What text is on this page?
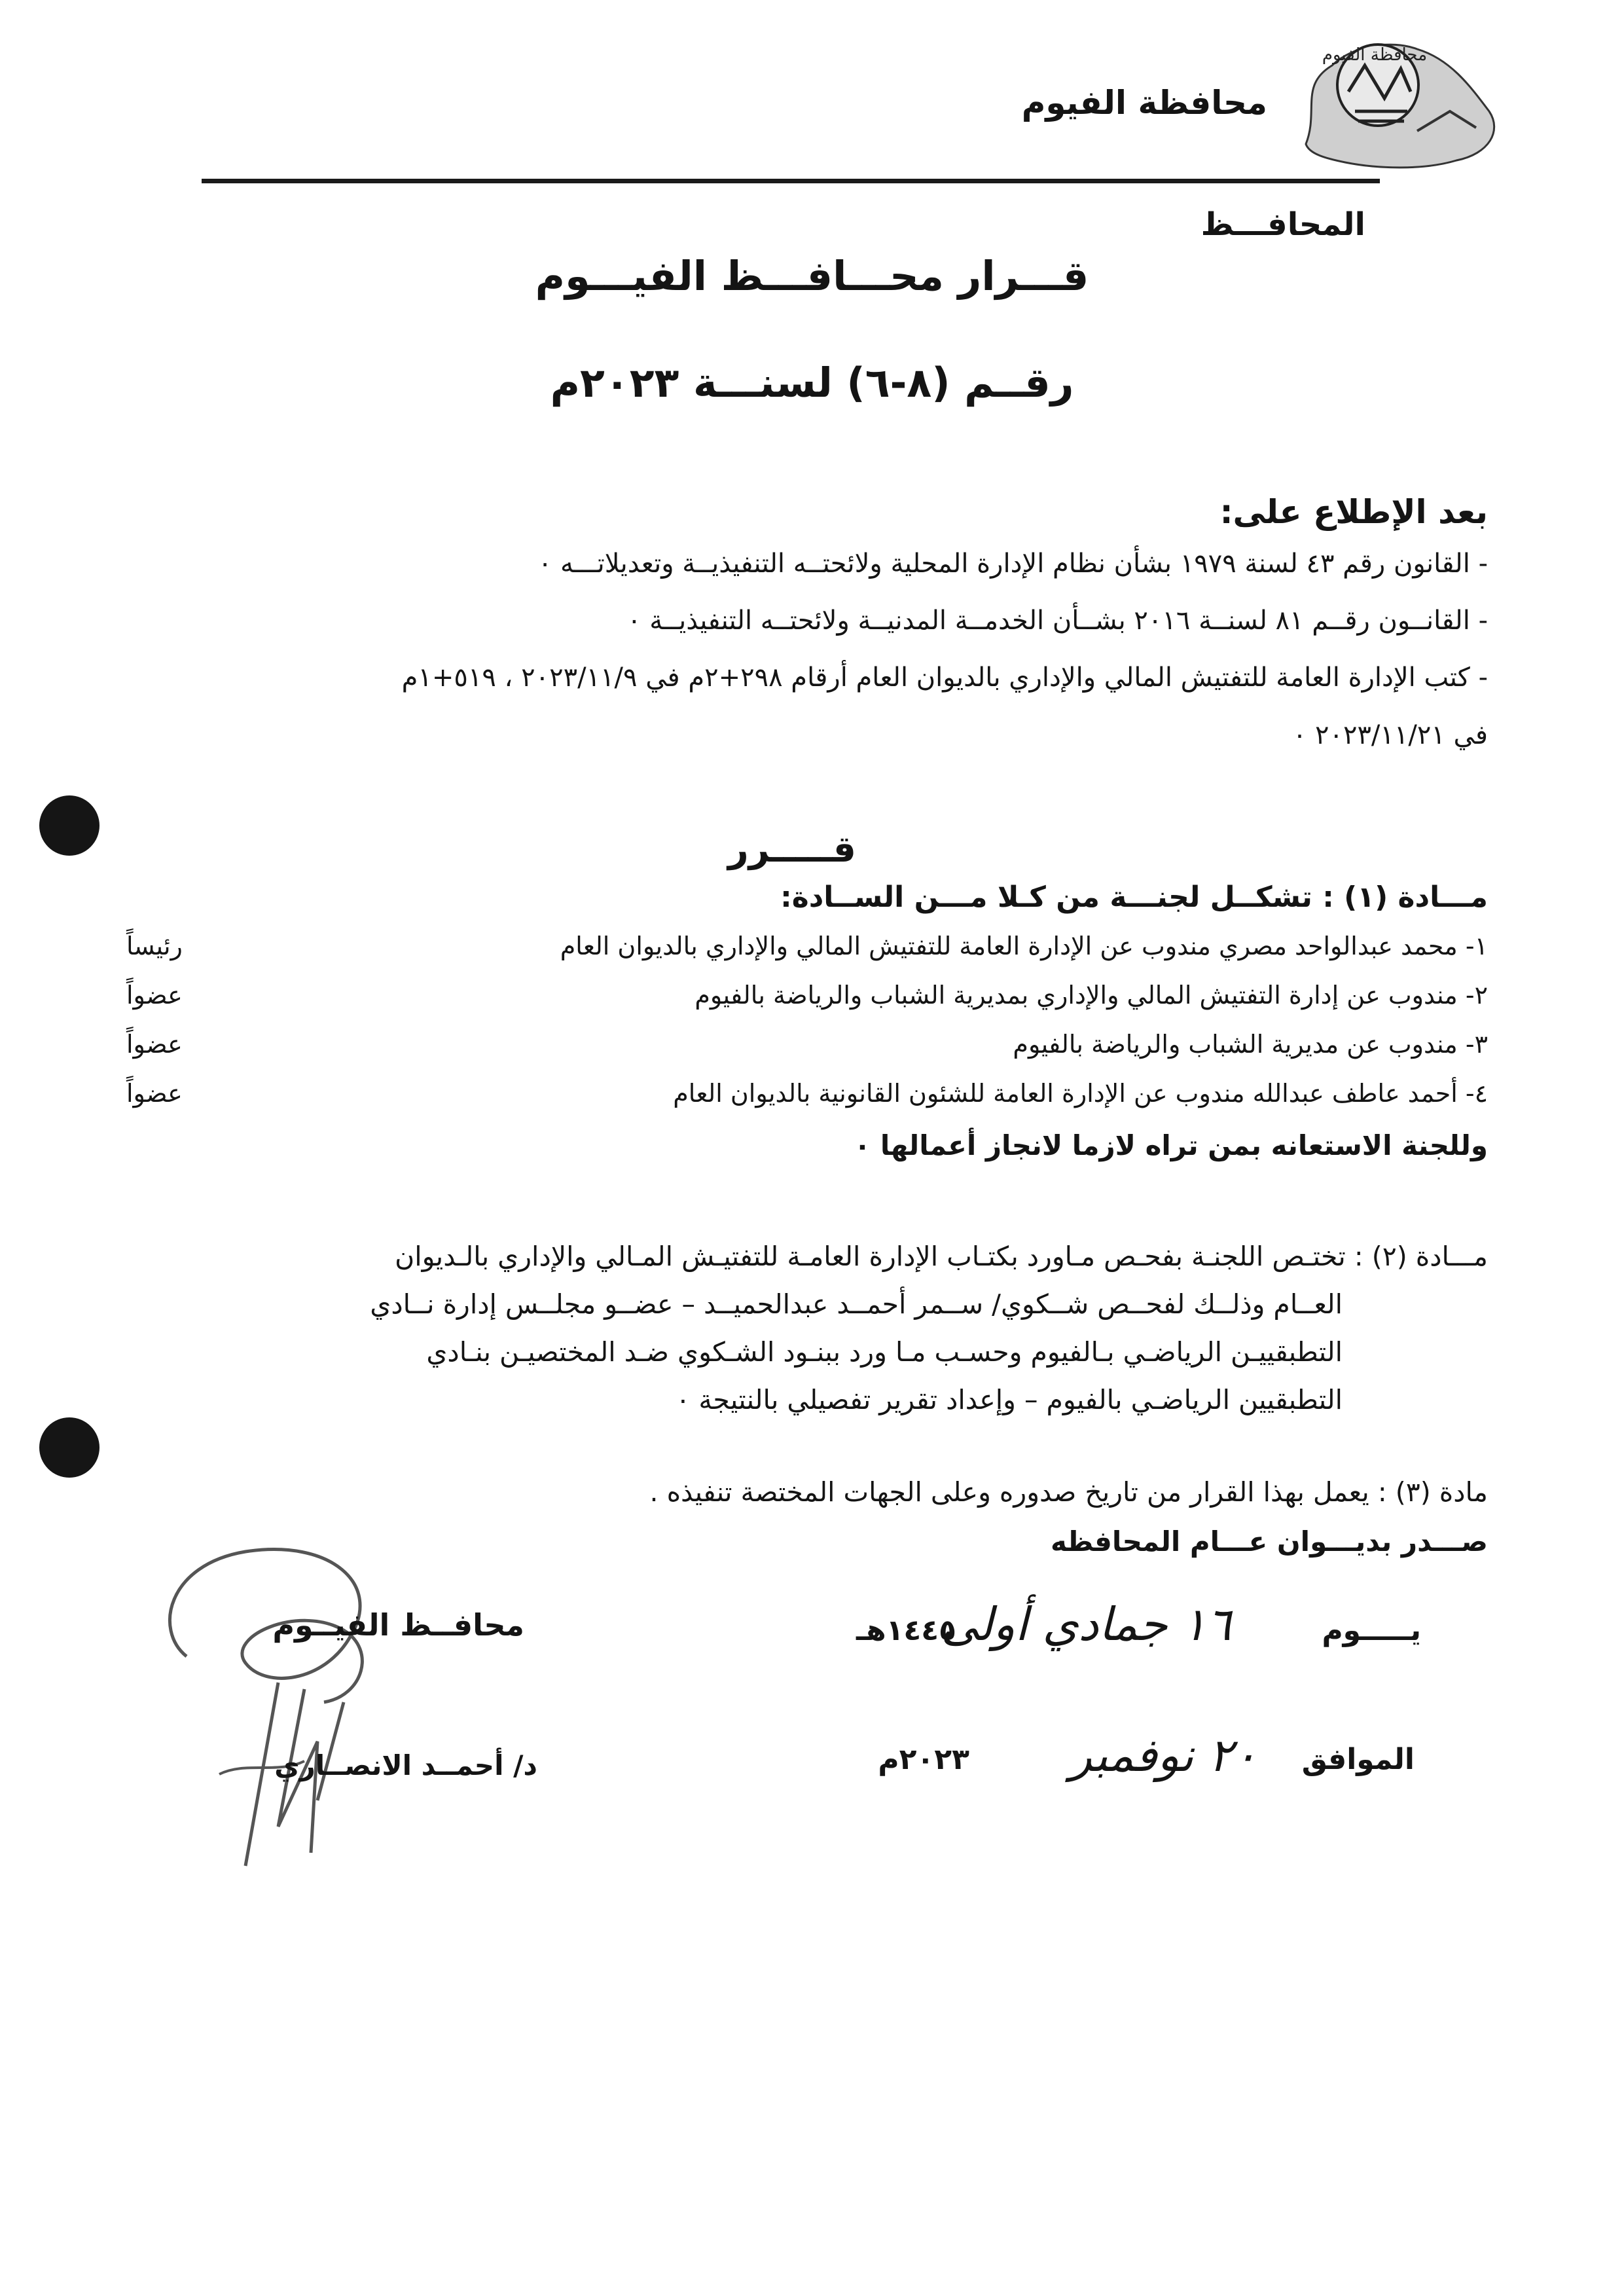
محافظة الفيوم
محافظة الفيوم
المحافـــظ
قـــرار محـــافـــظ الفيـــوم
رقــم (٨-٦) لسنـــة ٢٠٢٣م
بعد الإطلاع على:
- القانون رقم ٤٣ لسنة ١٩٧٩ بشأن نظام الإدارة المحلية ولائحتــه التنفيذيــة وتعديلاتـــه ٠
- القانــون رقــم ٨١ لسنــة ٢٠١٦ بشــأن الخدمــة المدنيــة ولائحتــه التنفيذيــة ٠
- كتب الإدارة العامة للتفتيش المالي والإداري بالديوان العام أرقام ٢٩٨+٢م في ٢٠٢٣/١١/٩ ، ٥١٩+١م
في ٢٠٢٣/١١/٢١ ٠
قـــــرر
مـــادة (١) : تشكــل لجنـــة من كـلا مـــن الســادة:
١- محمد عبدالواحد مصري مندوب عن الإدارة العامة للتفتيش المالي والإداري بالديوان العام
رئيساً
٢- مندوب عن إدارة التفتيش المالي والإداري بمديرية الشباب والرياضة بالفيوم
عضواً
٣- مندوب عن مديرية الشباب والرياضة بالفيوم
عضواً
٤- أحمد عاطف عبدالله مندوب عن الإدارة العامة للشئون القانونية بالديوان العام
عضواً
وللجنة الاستعانه بمن تراه لازما لانجاز أعمالها ٠
مـــادة (٢) : تختـص اللجنـة بفحـص مـاورد بكتـاب الإدارة العامـة للتفتيـش المـالي والإداري بالـديوان
العــام وذلــك لفحــص شــكوي/ ســمر أحمــد عبدالحميــد – عضــو مجلــس إدارة نــادي
التطبقييـن الرياضـي بـالفيوم وحسـب مـا ورد ببنـود الشـكوي ضـد المختصيـن بنـادي
التطبقيين الرياضـي بالفيوم – وإعداد تقرير تفصيلي بالنتيجة ٠
مادة (٣) : يعمل بهذا القرار من تاريخ صدوره وعلى الجهات المختصة تنفيذه .
صـــدر بديـــوان عـــام المحافظه
محافــظ الفيــوم
د/ أحمــد الانصــاري
يـــــوم
١٦ جمادي أولى
١٤٤٥هـ
الموافق
٢٠ نوفمبر
٢٠٢٣م
